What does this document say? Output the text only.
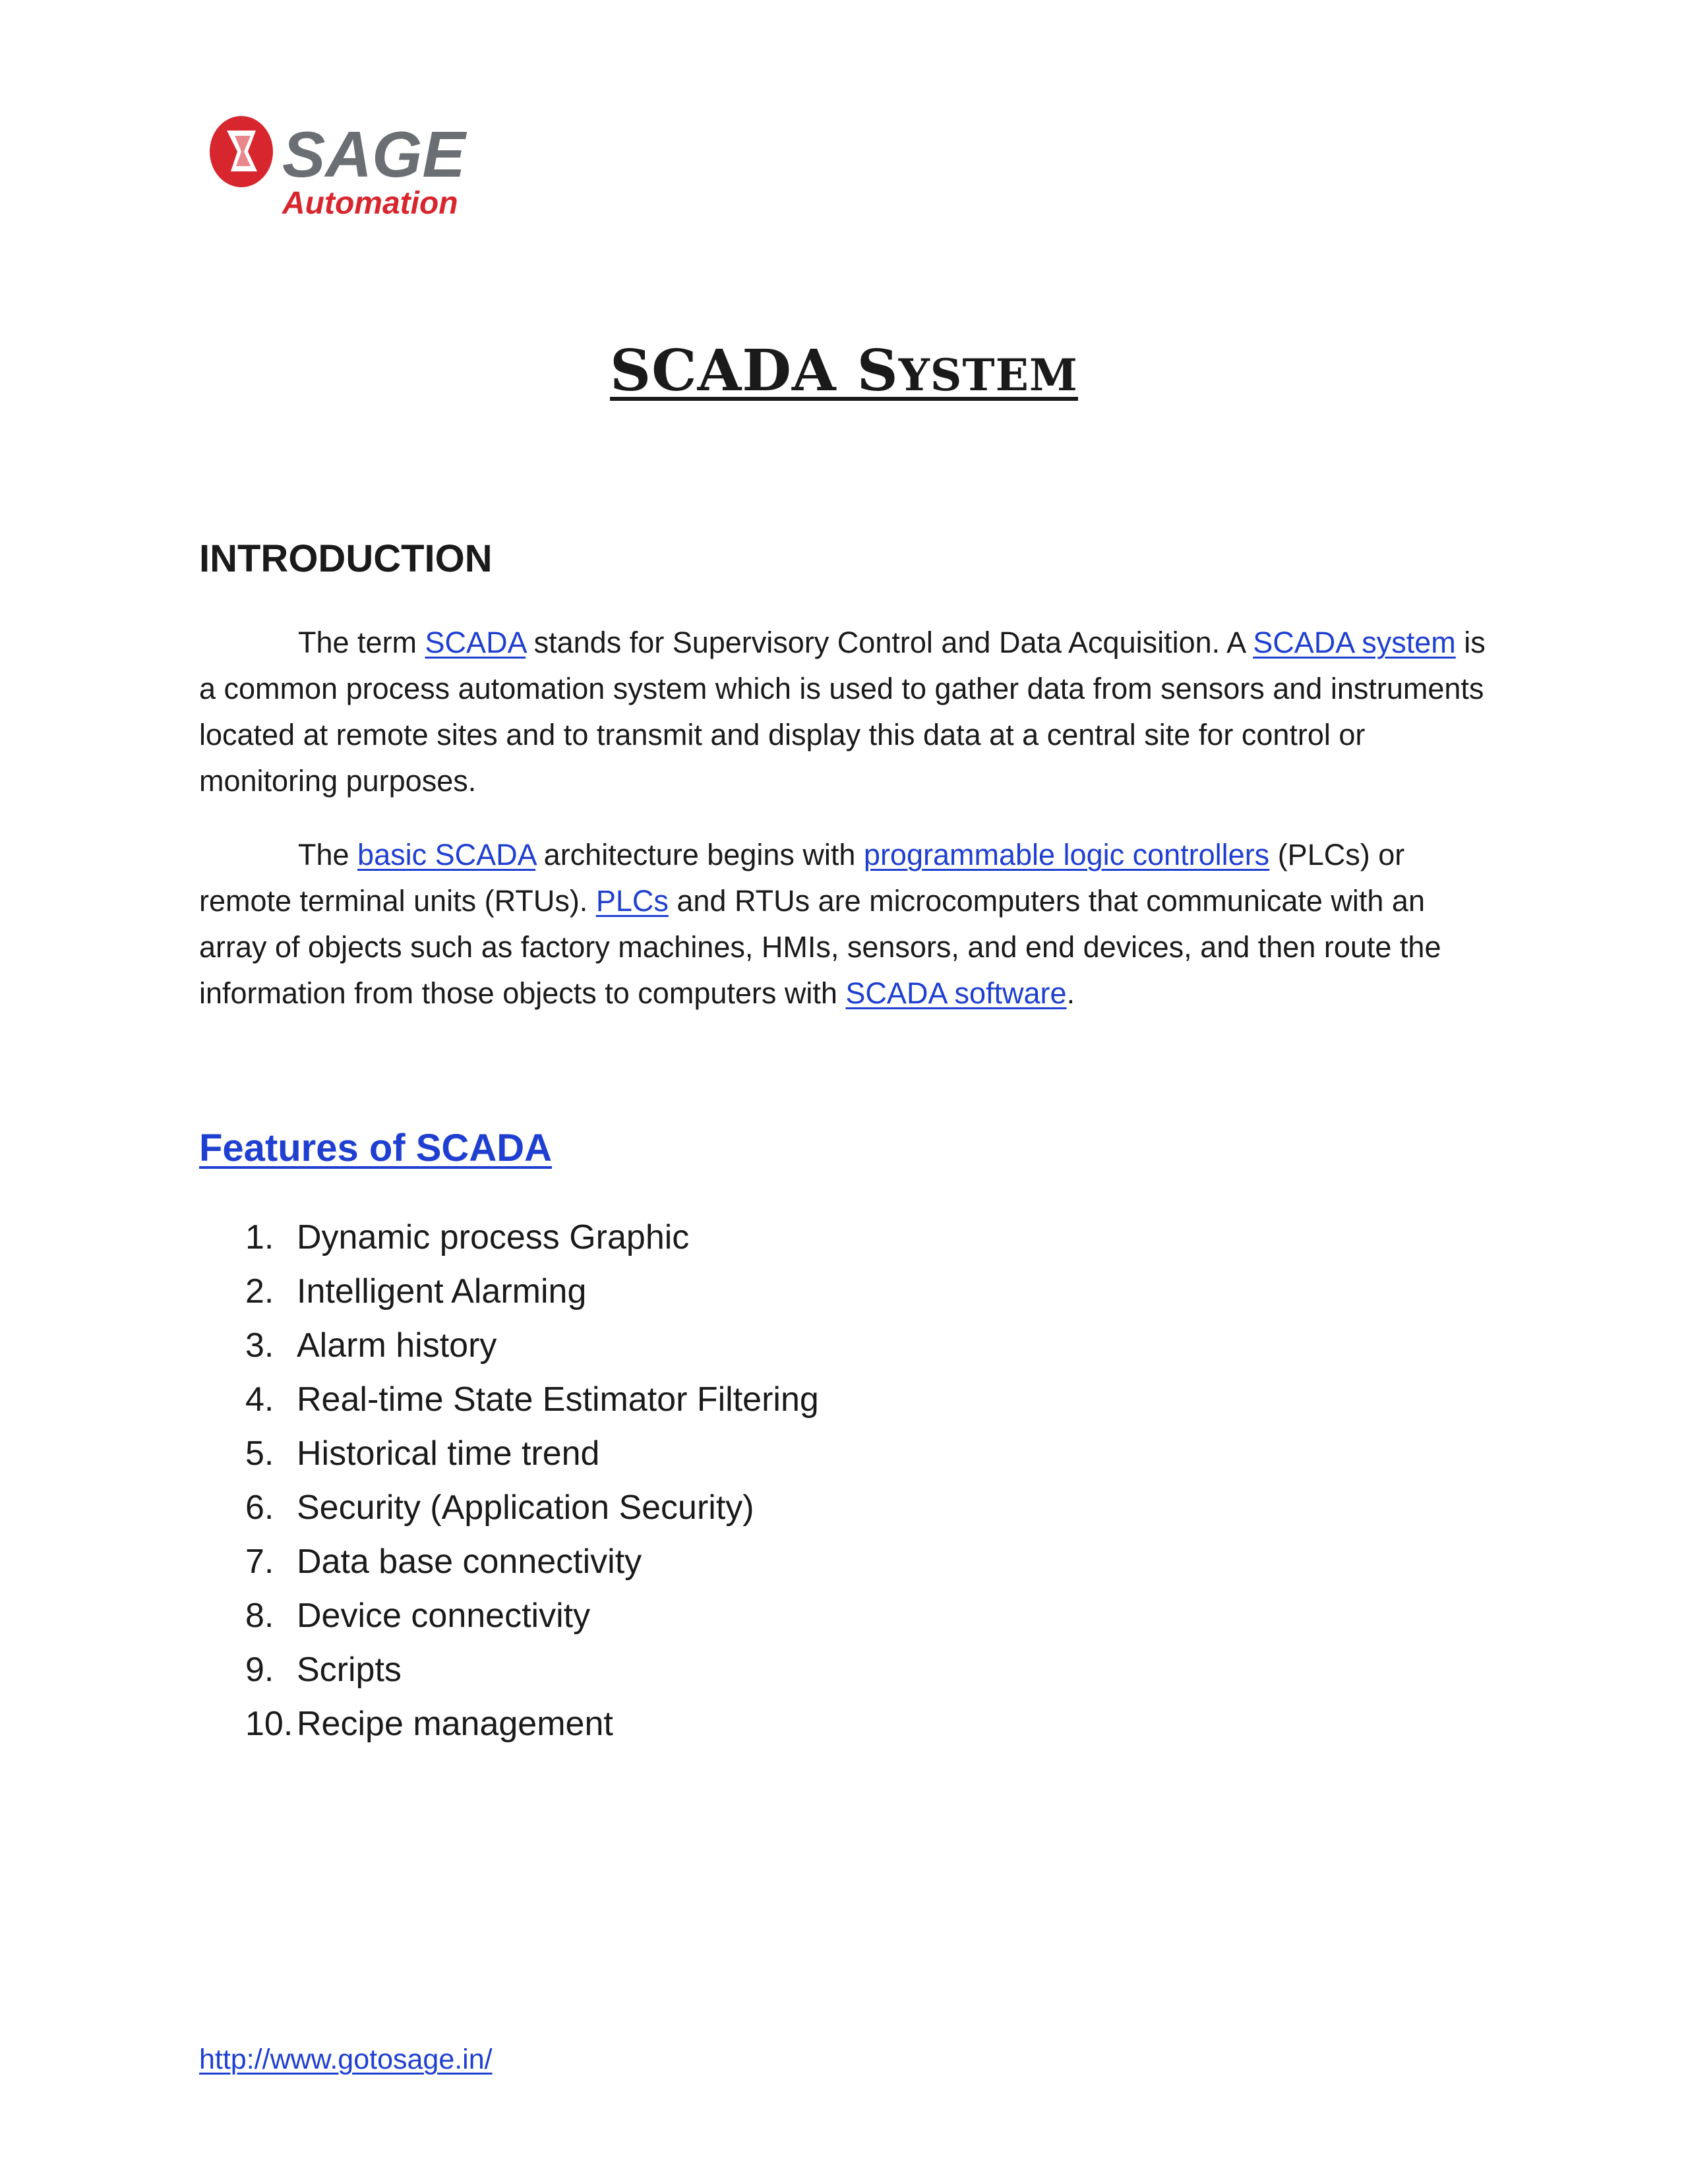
SAGE
Automation
SCADA SYSTEM
INTRODUCTION
The term SCADA stands for Supervisory Control and Data Acquisition. A SCADA system is a common process automation system which is used to gather data from sensors and instruments located at remote sites and to transmit and display this data at a central site for control or monitoring purposes.
The basic SCADA architecture begins with programmable logic controllers (PLCs) or remote terminal units (RTUs). PLCs and RTUs are microcomputers that communicate with an array of objects such as factory machines, HMIs, sensors, and end devices, and then route the information from those objects to computers with SCADA software.
Features of SCADA
1. Dynamic process Graphic
2. Intelligent Alarming
3. Alarm history
4. Real-time State Estimator Filtering
5. Historical time trend
6. Security (Application Security)
7. Data base connectivity
8. Device connectivity
9. Scripts
10. Recipe management
http://www.gotosage.in/
